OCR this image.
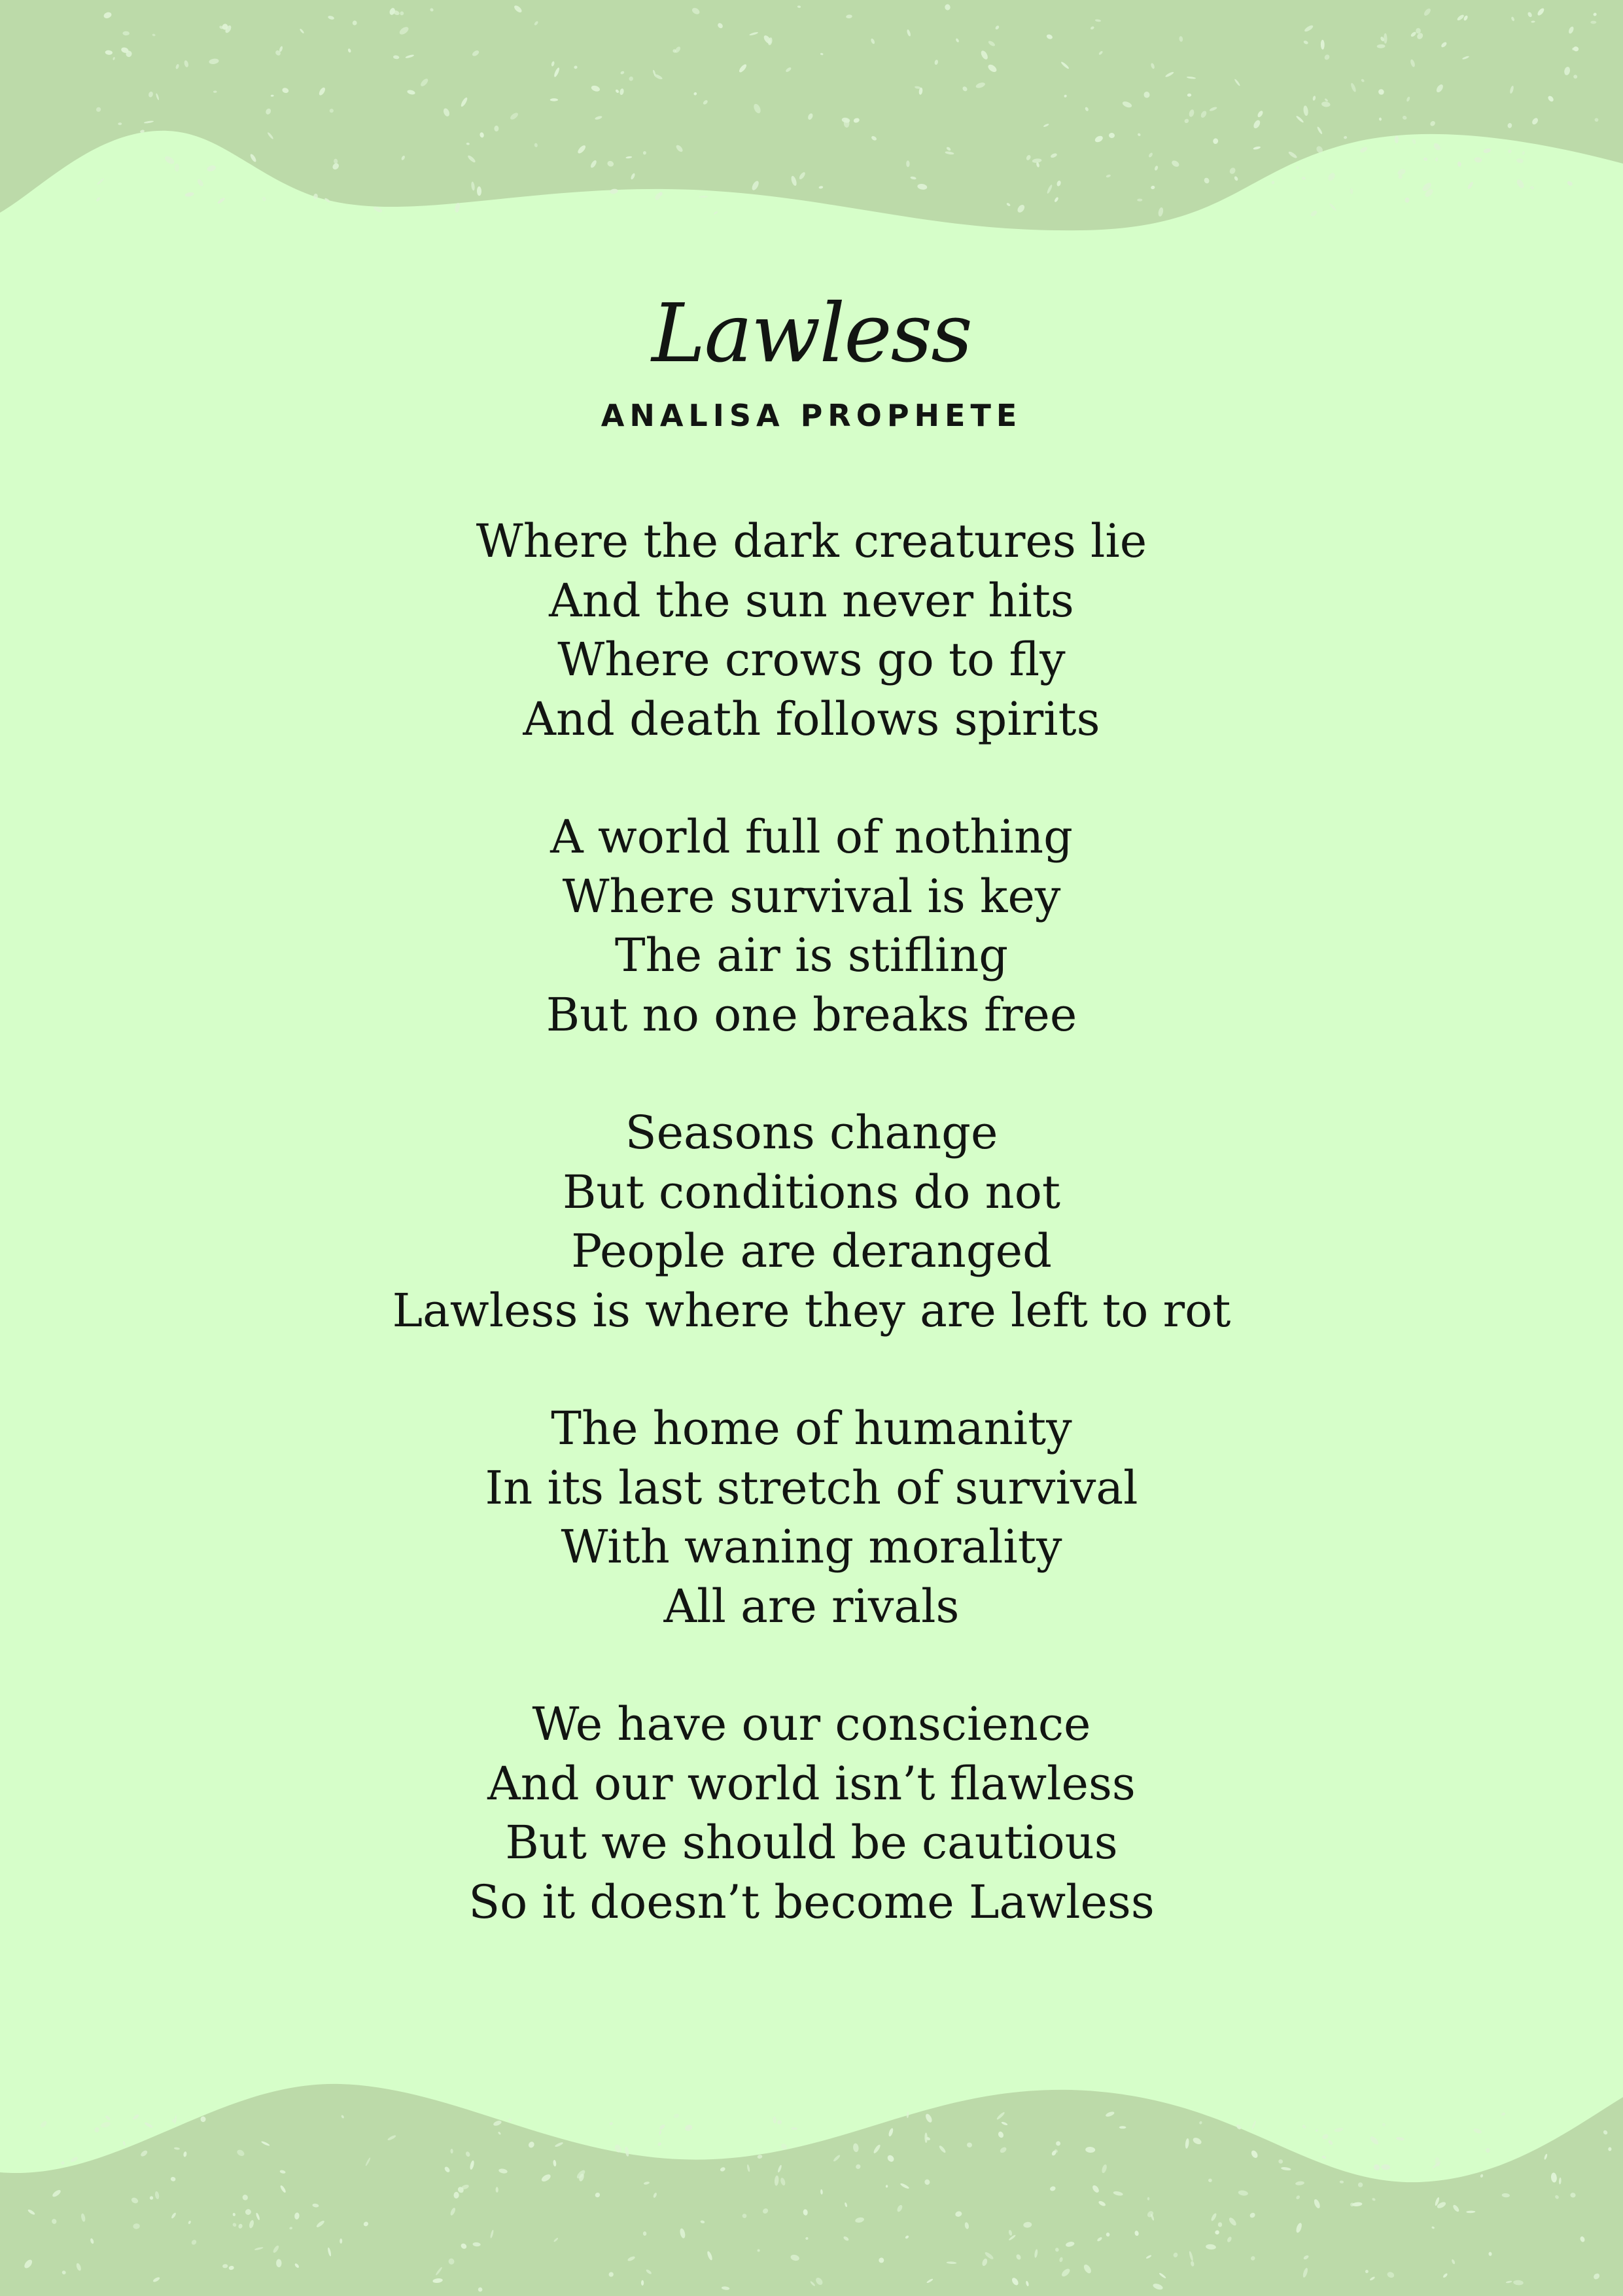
Lawless
ANALISA PROPHETE
Where the dark creatures lie
And the sun never hits
Where crows go to fly
And death follows spirits
A world full of nothing
Where survival is key
The air is stifling
But no one breaks free
Seasons change
But conditions do not
People are deranged
Lawless is where they are left to rot
The home of humanity
In its last stretch of survival
With waning morality
All are rivals
We have our conscience
And our world isn’t flawless
But we should be cautious
So it doesn’t become Lawless
